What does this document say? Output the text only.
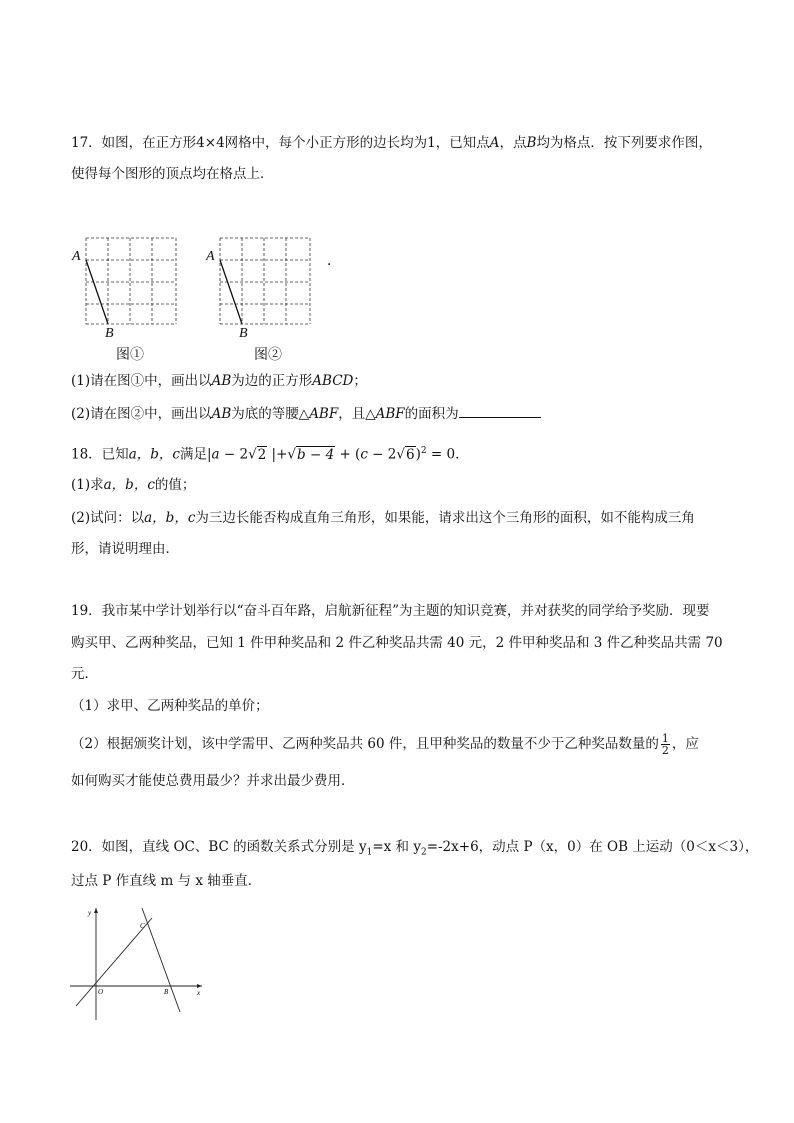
17．如图，在正方形4×4网格中，每个小正方形的边长均为1，已知点A，点B均为格点．按下列要求作图，
使得每个图形的顶点均在格点上．
A
B
图①
A
B
图②
．
(1)请在图①中，画出以AB为边的正方形ABCD；
(2)请在图②中，画出以AB为底的等腰△ABF，且△ABF的面积为
18．已知a，b，c满足|a − 2√2 $|+√b - 4 + (c - 2√6)^2 = 0$．
(1)求a，b，c的值；
(2)试问：以a，b，c为三边长能否构成直角三角形，如果能，请求出这个三角形的面积，如不能构成三角
形，请说明理由．
19．我市某中学计划举行以“奋斗百年路，启航新征程”为主题的知识竞赛，并对获奖的同学给予奖励．现要
购买甲、乙两种奖品，已知 1 件甲种奖品和 2 件乙种奖品共需 40 元，2 件甲种奖品和 3 件乙种奖品共需 70
元．
（1）求甲、乙两种奖品的单价；
（2）根据颁奖计划，该中学需甲、乙两种奖品共 60 件，且甲种奖品的数量不少于乙种奖品数量的 $\frac{1}{2}$ ，应
如何购买才能使总费用最少？并求出最少费用．
20．如图，直线 OC、BC 的函数关系式分别是 $y_1=x$ 和 $y_2=-2x+6$，动点 P（x，0）在 OB 上运动（0＜x＜3），
过点 P 作直线 m 与 x 轴垂直．
y
x
O	B
C
